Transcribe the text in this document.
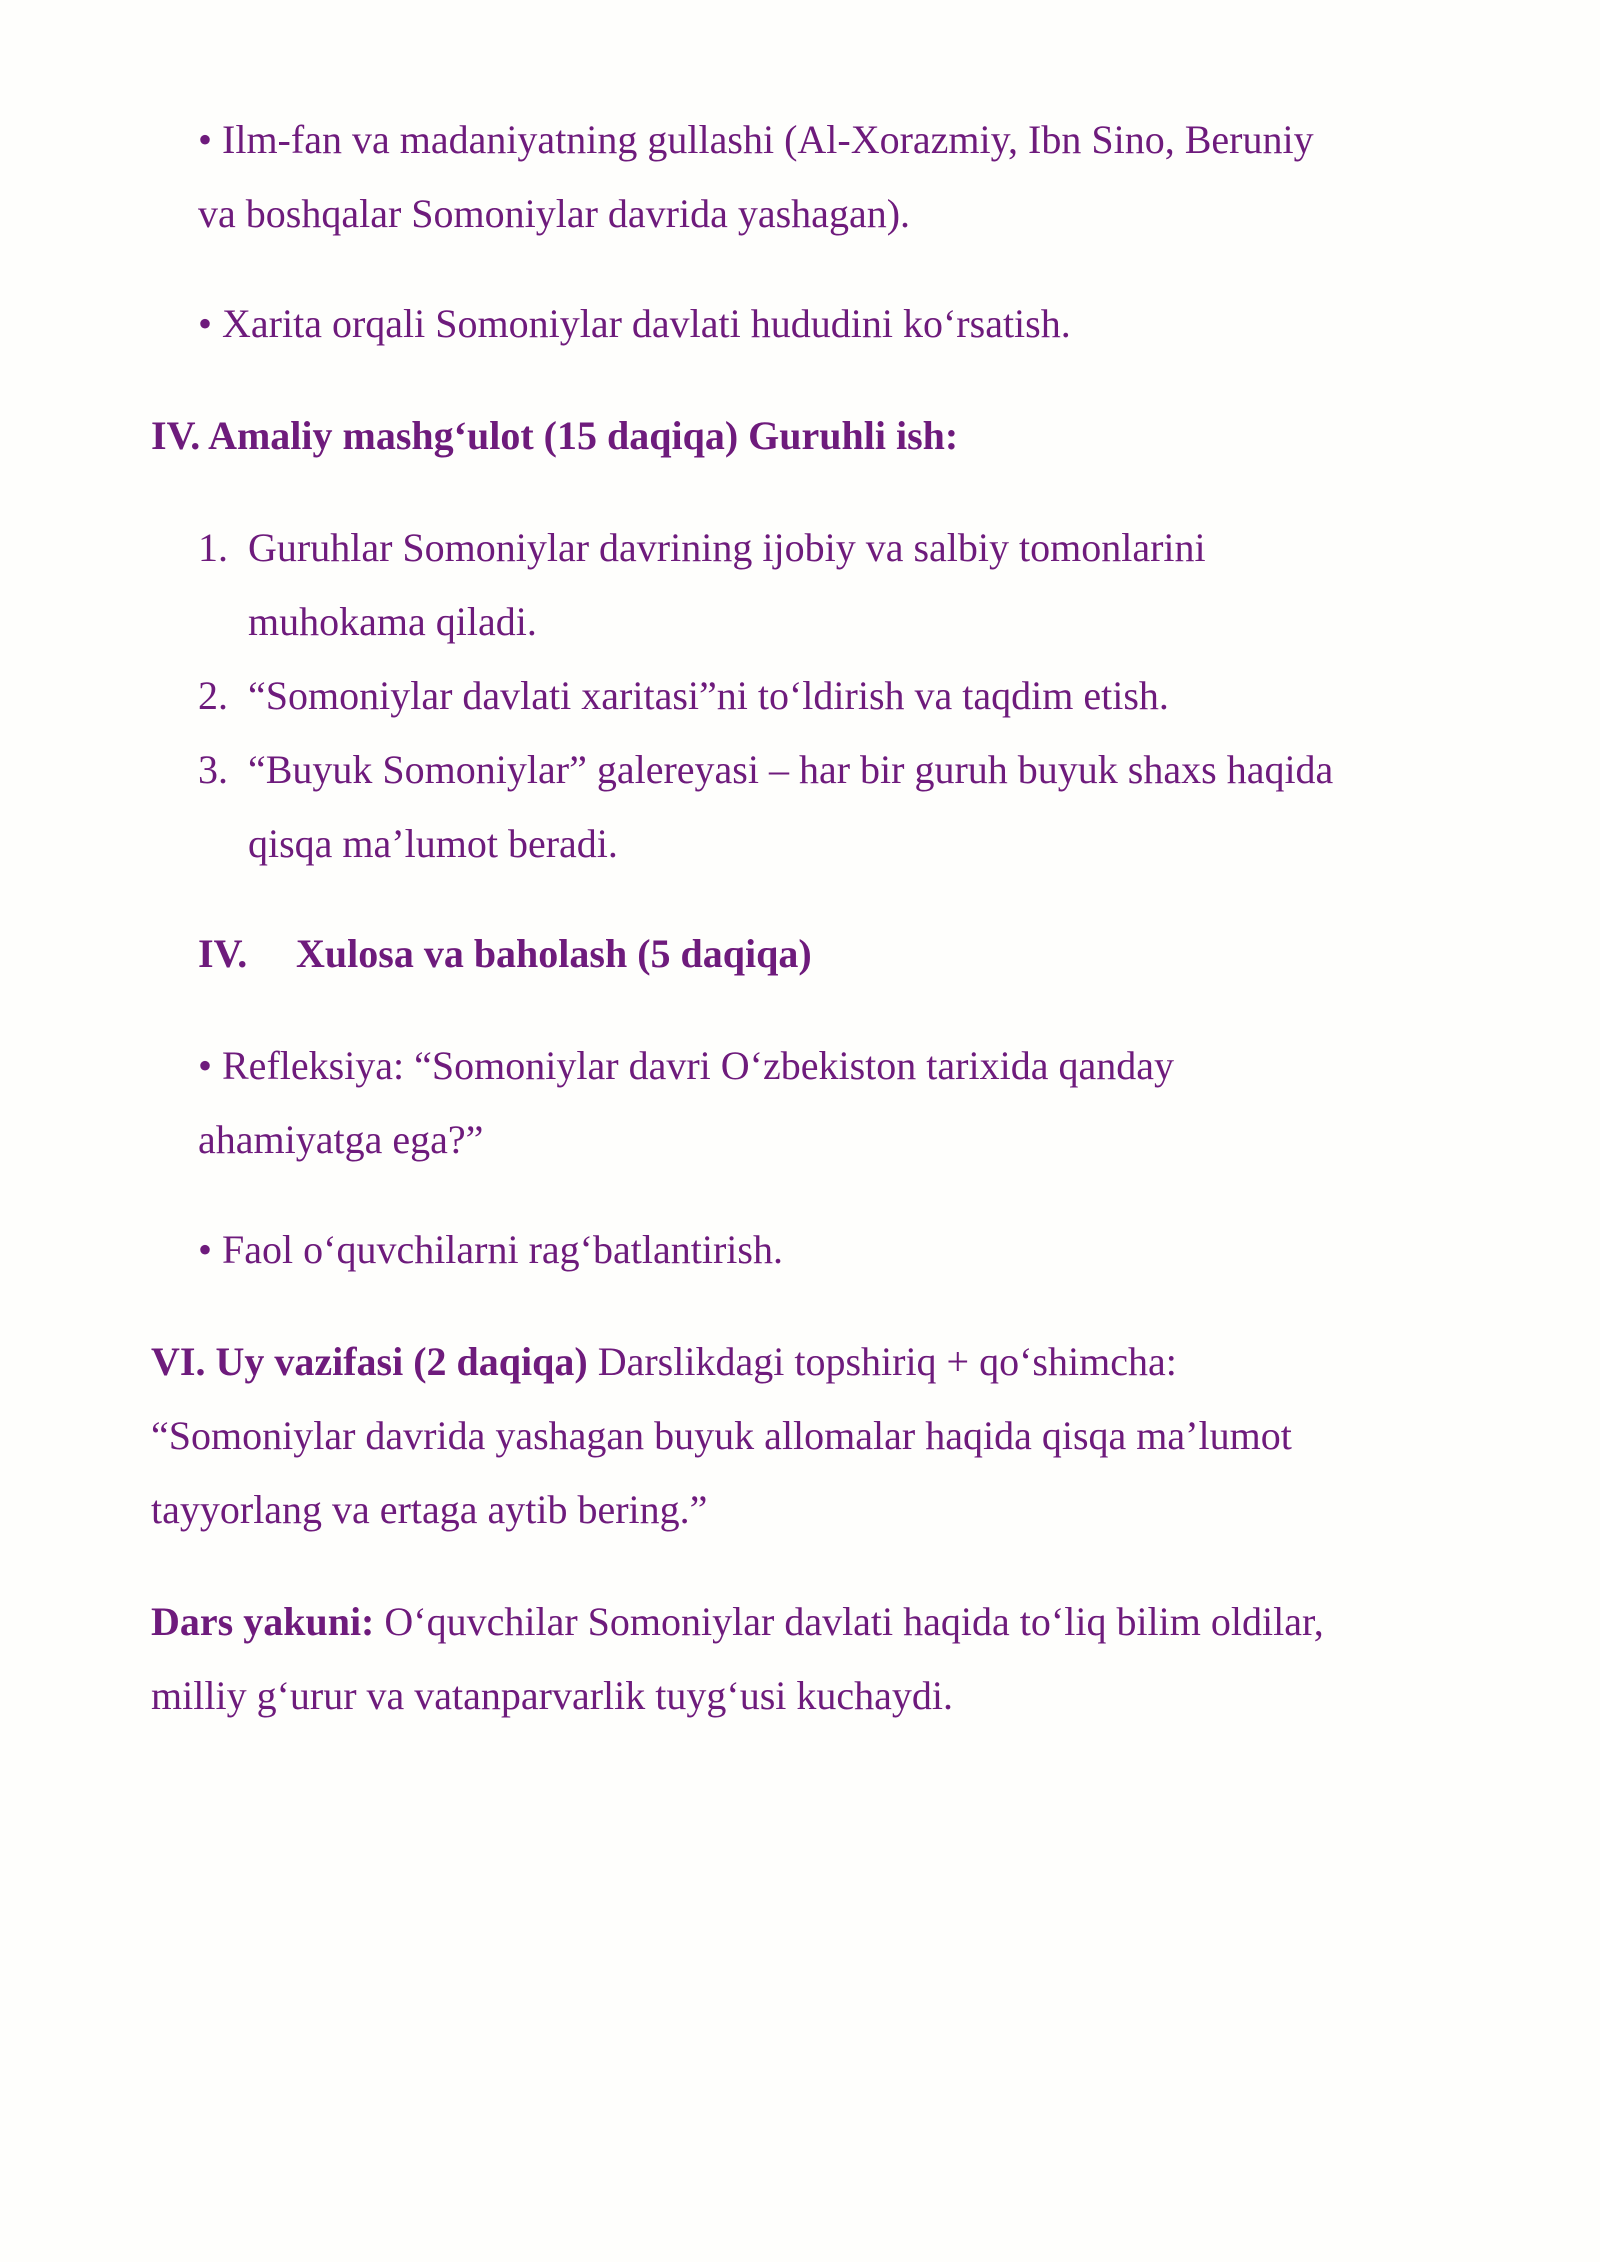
• Ilm-fan va madaniyatning gullashi (Al-Xorazmiy, Ibn Sino, Beruniy
va boshqalar Somoniylar davrida yashagan).
• Xarita orqali Somoniylar davlati hududini ko‘rsatish.
IV. Amaliy mashg‘ulot (15 daqiqa) Guruhli ish:
1. Guruhlar Somoniylar davrining ijobiy va salbiy tomonlarini
muhokama qiladi.
2. “Somoniylar davlati xaritasi”ni to‘ldirish va taqdim etish.
3. “Buyuk Somoniylar” galereyasi – har bir guruh buyuk shaxs haqida
qisqa ma’lumot beradi.
IV. Xulosa va baholash (5 daqiqa)
• Refleksiya: “Somoniylar davri O‘zbekiston tarixida qanday
ahamiyatga ega?”
• Faol o‘quvchilarni rag‘batlantirish.
VI. Uy vazifasi (2 daqiqa) Darslikdagi topshiriq + qo‘shimcha:
“Somoniylar davrida yashagan buyuk allomalar haqida qisqa ma’lumot
tayyorlang va ertaga aytib bering.”
Dars yakuni: O‘quvchilar Somoniylar davlati haqida to‘liq bilim oldilar,
milliy g‘urur va vatanparvarlik tuyg‘usi kuchaydi.
